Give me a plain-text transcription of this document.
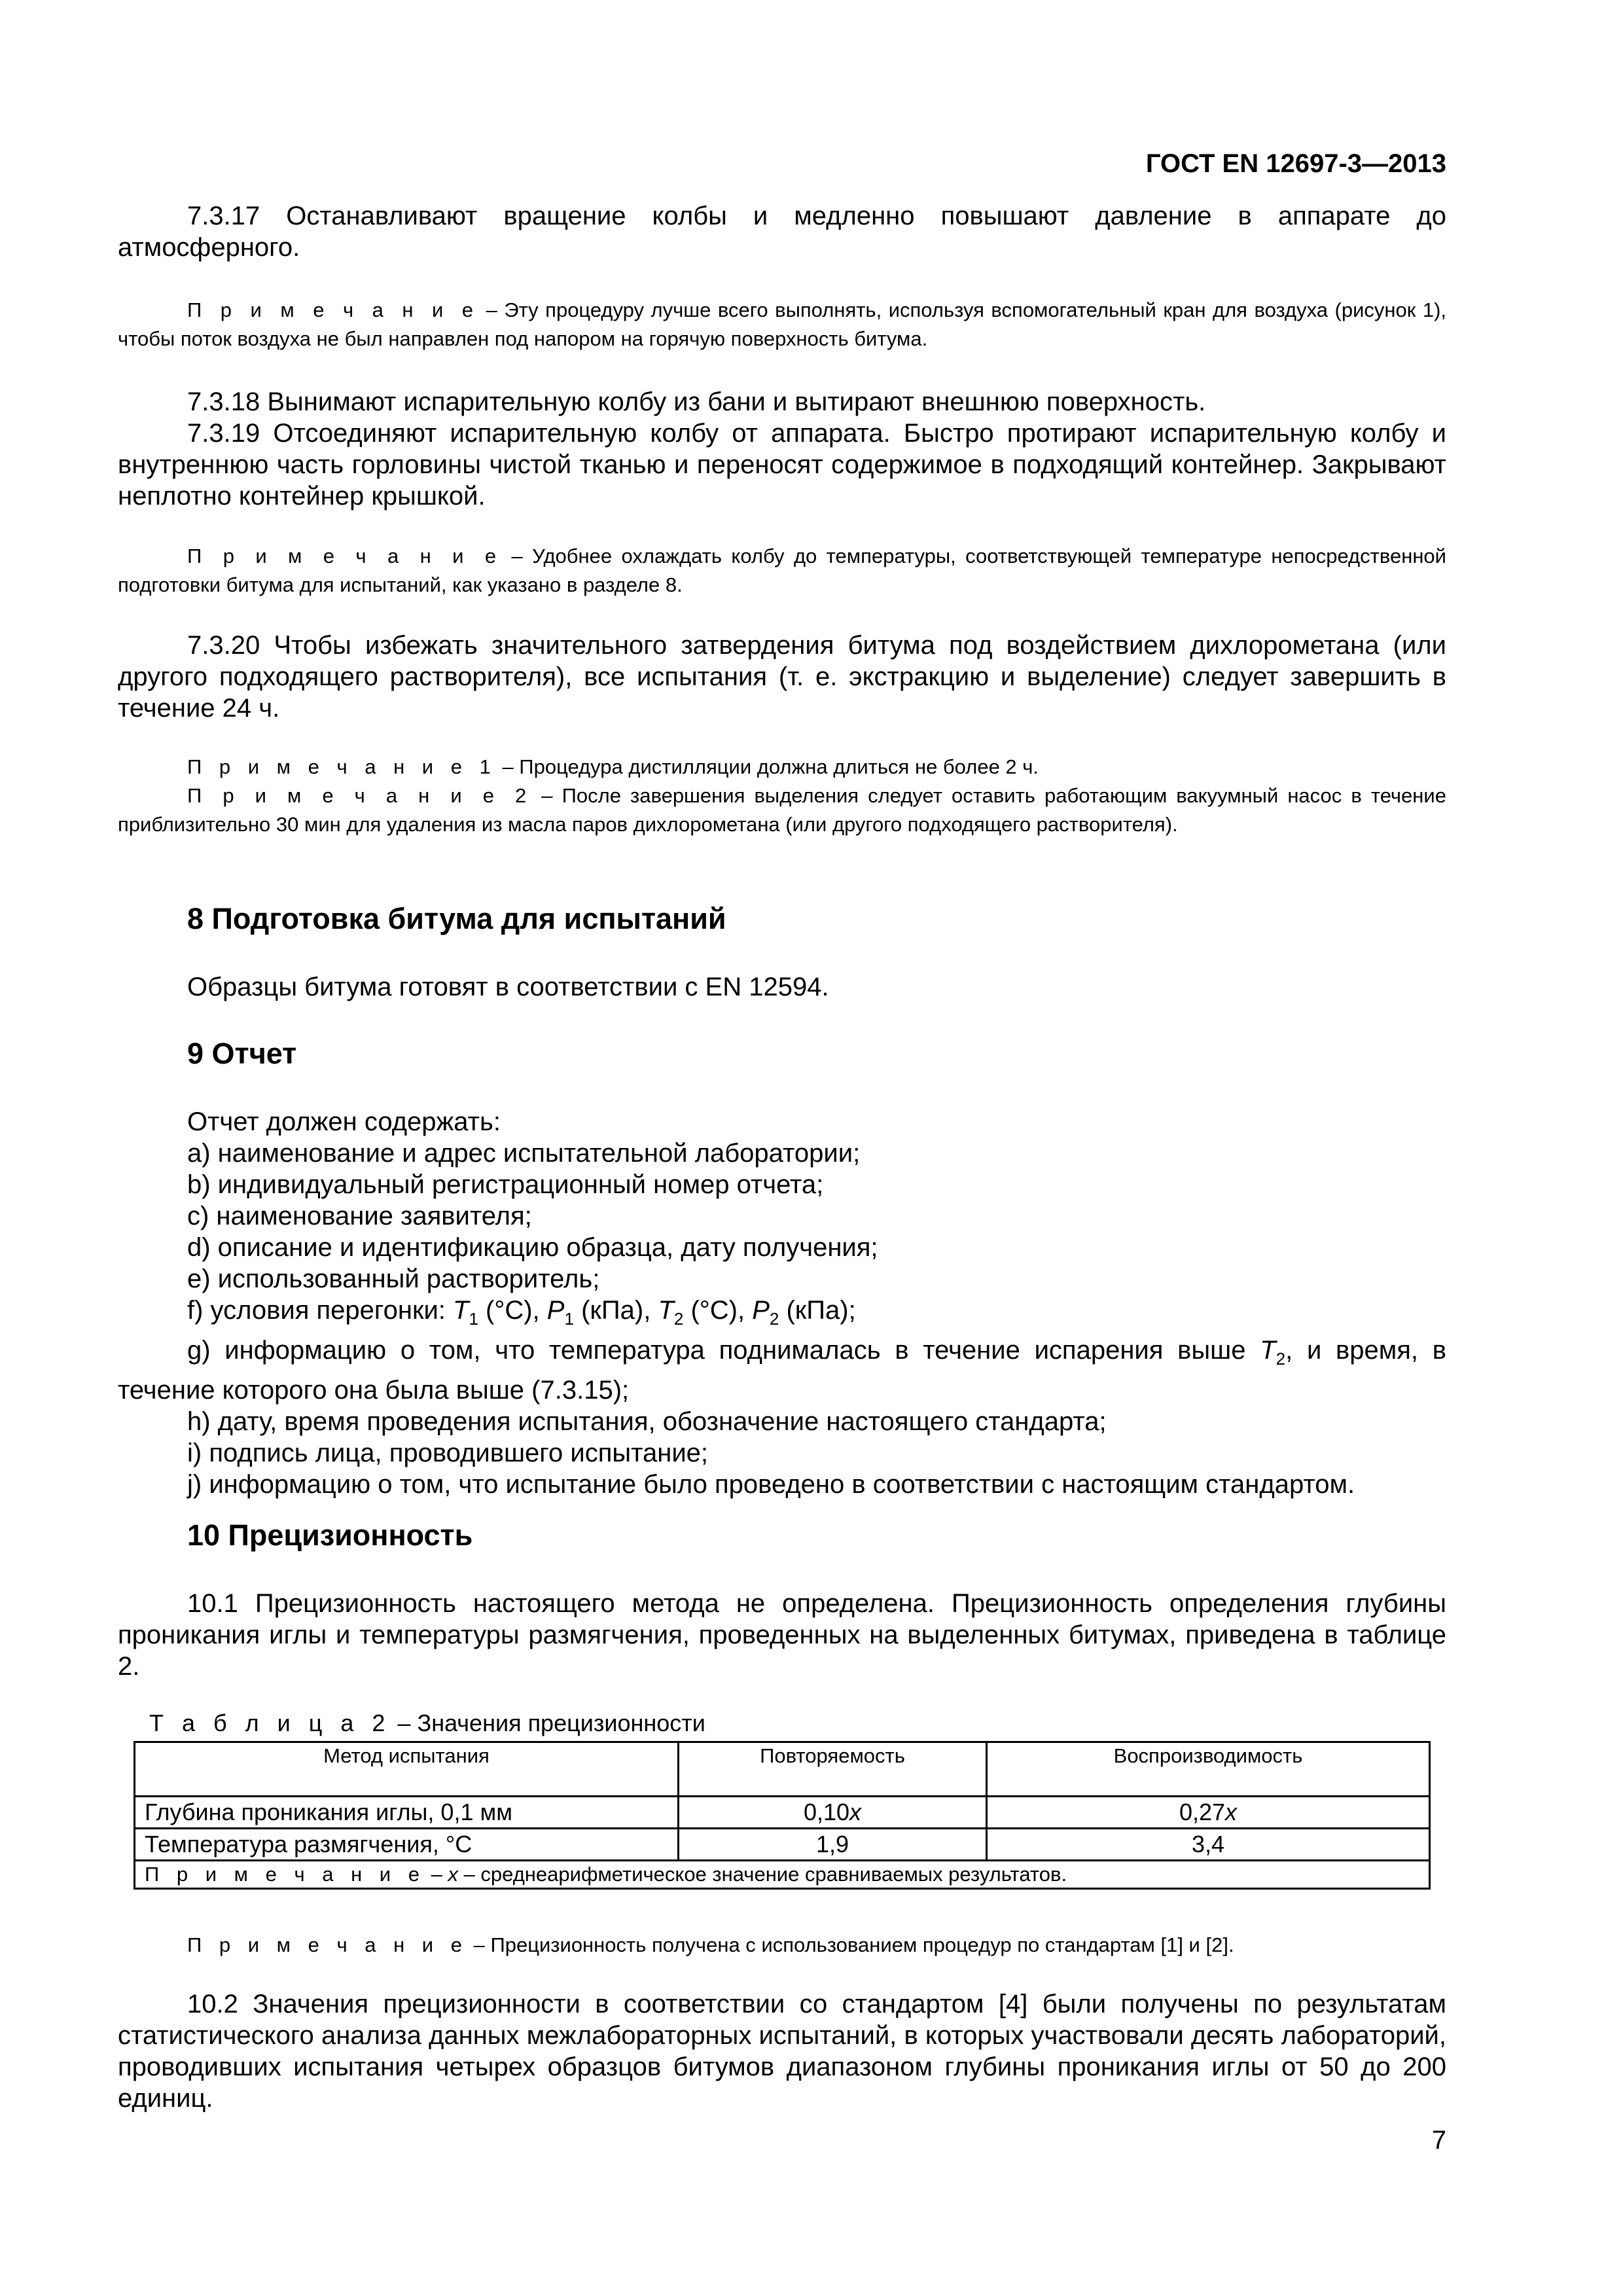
ГОСТ EN 12697-3—2013
7.3.17 Останавливают вращение колбы и медленно повышают давление в аппарате до атмосферного.
П р и м е ч а н и е – Эту процедуру лучше всего выполнять, используя вспомогательный кран для воздуха (рисунок 1), чтобы поток воздуха не был направлен под напором на горячую поверхность битума.
7.3.18 Вынимают испарительную колбу из бани и вытирают внешнюю поверхность.
7.3.19 Отсоединяют испарительную колбу от аппарата. Быстро протирают испарительную колбу и внутреннюю часть горловины чистой тканью и переносят содержимое в подходящий контейнер. Закрывают неплотно контейнер крышкой.
П р и м е ч а н и е – Удобнее охлаждать колбу до температуры, соответствующей температуре непосредственной подготовки битума для испытаний, как указано в разделе 8.
7.3.20 Чтобы избежать значительного затвердения битума под воздействием дихлорометана (или другого подходящего растворителя), все испытания (т. е. экстракцию и выделение) следует завершить в течение 24 ч.
П р и м е ч а н и е 1 – Процедура дистилляции должна длиться не более 2 ч.
П р и м е ч а н и е 2 – После завершения выделения следует оставить работающим вакуумный насос в течение приблизительно 30 мин для удаления из масла паров дихлорометана (или другого подходящего растворителя).
8 Подготовка битума для испытаний
Образцы битума готовят в соответствии с EN 12594.
9 Отчет
Отчет должен содержать:
a) наименование и адрес испытательной лаборатории;
b) индивидуальный регистрационный номер отчета;
c) наименование заявителя;
d) описание и идентификацию образца, дату получения;
e) использованный растворитель;
f) условия перегонки: $T_1$ (°С), $P_1$ (кПа), $T_2$ (°С), $P_2$ (кПа);
g) информацию о том, что температура поднималась в течение испарения выше $T_2$, и время, в течение которого она была выше (7.3.15);
h) дату, время проведения испытания, обозначение настоящего стандарта;
i) подпись лица, проводившего испытание;
j) информацию о том, что испытание было проведено в соответствии с настоящим стандартом.
10 Прецизионность
10.1 Прецизионность настоящего метода не определена. Прецизионность определения глубины проникания иглы и температуры размягчения, проведенных на выделенных битумах, приведена в таблице 2.
Т а б л и ц а 2 – Значения прецизионности
Метод испытания	Повторяемость	Воспроизводимость
Глубина проникания иглы, 0,1 мм	0,10x	0,27x
Температура размягчения, °С	1,9	3,4
П р и м е ч а н и е – x – среднеарифметическое значение сравниваемых результатов.		
П р и м е ч а н и е – Прецизионность получена с использованием процедур по стандартам [1] и [2].
10.2 Значения прецизионности в соответствии со стандартом [4] были получены по результатам статистического анализа данных межлабораторных испытаний, в которых участвовали десять лабораторий, проводивших испытания четырех образцов битумов диапазоном глубины проникания иглы от 50 до 200 единиц.
7
